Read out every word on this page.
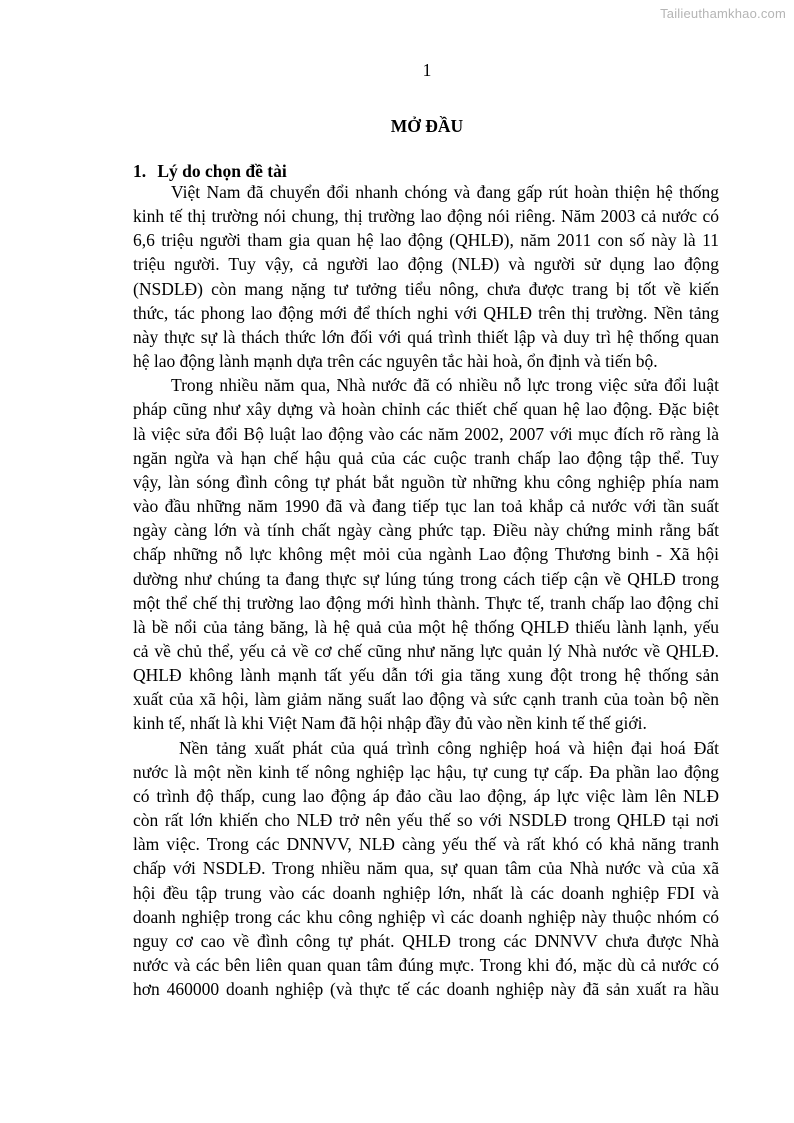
Tailieuthamkhao.com
1
MỞ ĐẦU
1. Lý do chọn đề tài

Việt Nam đã chuyển đổi nhanh chóng và đang gấp rút hoàn thiện hệ thống
kinh tế thị trường nói chung, thị trường lao động nói riêng. Năm 2003 cả nước có
6,6 triệu người tham gia quan hệ lao động (QHLĐ), năm 2011 con số này là 11
triệu người. Tuy vậy, cả người lao động (NLĐ) và người sử dụng lao động
(NSDLĐ) còn mang nặng tư tưởng tiểu nông, chưa được trang bị tốt về kiến
thức, tác phong lao động mới để thích nghi với QHLĐ trên thị trường. Nền tảng
này thực sự là thách thức lớn đối với quá trình thiết lập và duy trì hệ thống quan
hệ lao động lành mạnh dựa trên các nguyên tắc hài hoà, ổn định và tiến bộ.

Trong nhiều năm qua, Nhà nước đã có nhiều nỗ lực trong việc sửa đổi luật
pháp cũng như xây dựng và hoàn chỉnh các thiết chế quan hệ lao động. Đặc biệt
là việc sửa đổi Bộ luật lao động vào các năm 2002, 2007 với mục đích rõ ràng là
ngăn ngừa và hạn chế hậu quả của các cuộc tranh chấp lao động tập thể. Tuy
vậy, làn sóng đình công tự phát bắt nguồn từ những khu công nghiệp phía nam
vào đầu những năm 1990 đã và đang tiếp tục lan toả khắp cả nước với tần suất
ngày càng lớn và tính chất ngày càng phức tạp. Điều này chứng minh rằng bất
chấp những nỗ lực không mệt mỏi của ngành Lao động Thương binh - Xã hội
dường như chúng ta đang thực sự lúng túng trong cách tiếp cận về QHLĐ trong
một thể chế thị trường lao động mới hình thành. Thực tế, tranh chấp lao động chỉ
là bề nổi của tảng băng, là hệ quả của một hệ thống QHLĐ thiếu lành lạnh, yếu
cả về chủ thể, yếu cả về cơ chế cũng như năng lực quản lý Nhà nước về QHLĐ.
QHLĐ không lành mạnh tất yếu dẫn tới gia tăng xung đột trong hệ thống sản
xuất của xã hội, làm giảm năng suất lao động và sức cạnh tranh của toàn bộ nền
kinh tế, nhất là khi Việt Nam đã hội nhập đầy đủ vào nền kinh tế thế giới.

Nền tảng xuất phát của quá trình công nghiệp hoá và hiện đại hoá Đất
nước là một nền kinh tế nông nghiệp lạc hậu, tự cung tự cấp. Đa phần lao động
có trình độ thấp, cung lao động áp đảo cầu lao động, áp lực việc làm lên NLĐ
còn rất lớn khiến cho NLĐ trở nên yếu thế so với NSDLĐ trong QHLĐ tại nơi
làm việc. Trong các DNNVV, NLĐ càng yếu thế và rất khó có khả năng tranh
chấp với NSDLĐ. Trong nhiều năm qua, sự quan tâm của Nhà nước và của xã
hội đều tập trung vào các doanh nghiệp lớn, nhất là các doanh nghiệp FDI và
doanh nghiệp trong các khu công nghiệp vì các doanh nghiệp này thuộc nhóm có
nguy cơ cao về đình công tự phát. QHLĐ trong các DNNVV chưa được Nhà
nước và các bên liên quan quan tâm đúng mực. Trong khi đó, mặc dù cả nước có
hơn 460000 doanh nghiệp (và thực tế các doanh nghiệp này đã sản xuất ra hầu
